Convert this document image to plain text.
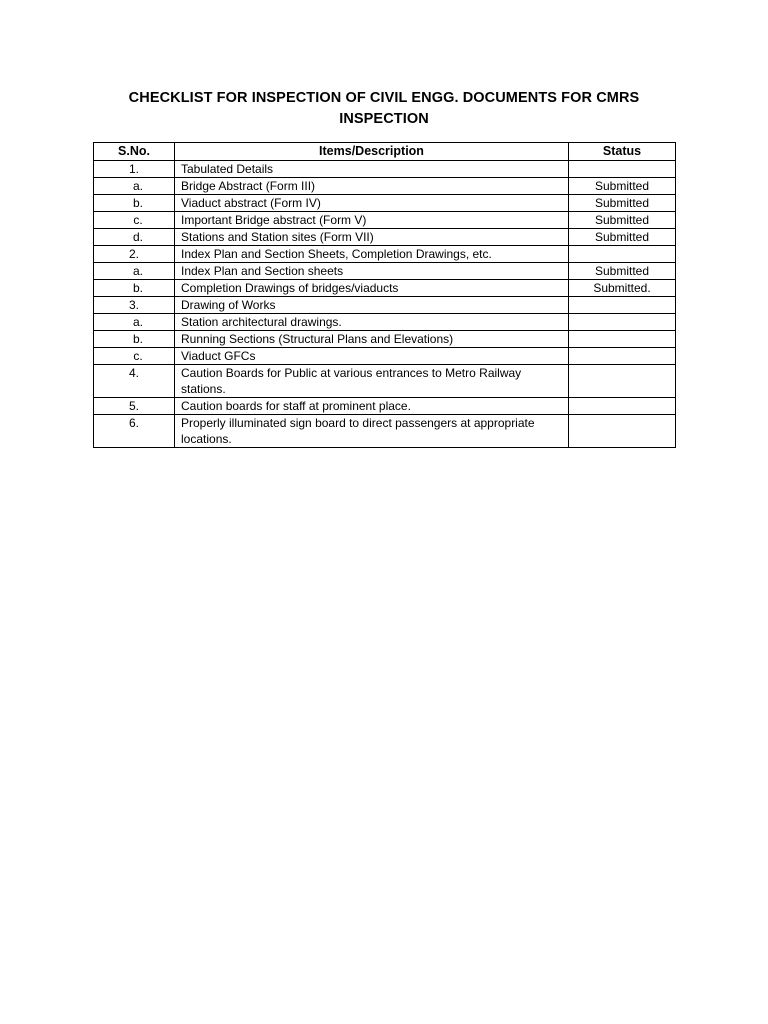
CHECKLIST FOR INSPECTION OF CIVIL ENGG. DOCUMENTS FOR CMRS
INSPECTION
S.No.	Items/Description	Status
1.	Tabulated Details	
a.	Bridge Abstract (Form III)	Submitted
b.	Viaduct abstract (Form IV)	Submitted
c.	Important Bridge abstract (Form V)	Submitted
d.	Stations and Station sites (Form VII)	Submitted
2.	Index Plan and Section Sheets, Completion Drawings, etc.	
a.	Index Plan and Section sheets	Submitted
b.	Completion Drawings of bridges/viaducts	Submitted.
3.	Drawing of Works	
a.	Station architectural drawings.	
b.	Running Sections (Structural Plans and Elevations)	
c.	Viaduct GFCs	
4.	Caution Boards for Public at various entrances to Metro Railway stations.	
5.	Caution boards for staff at prominent place.	
6.	Properly illuminated sign board to direct passengers at appropriate locations.	
